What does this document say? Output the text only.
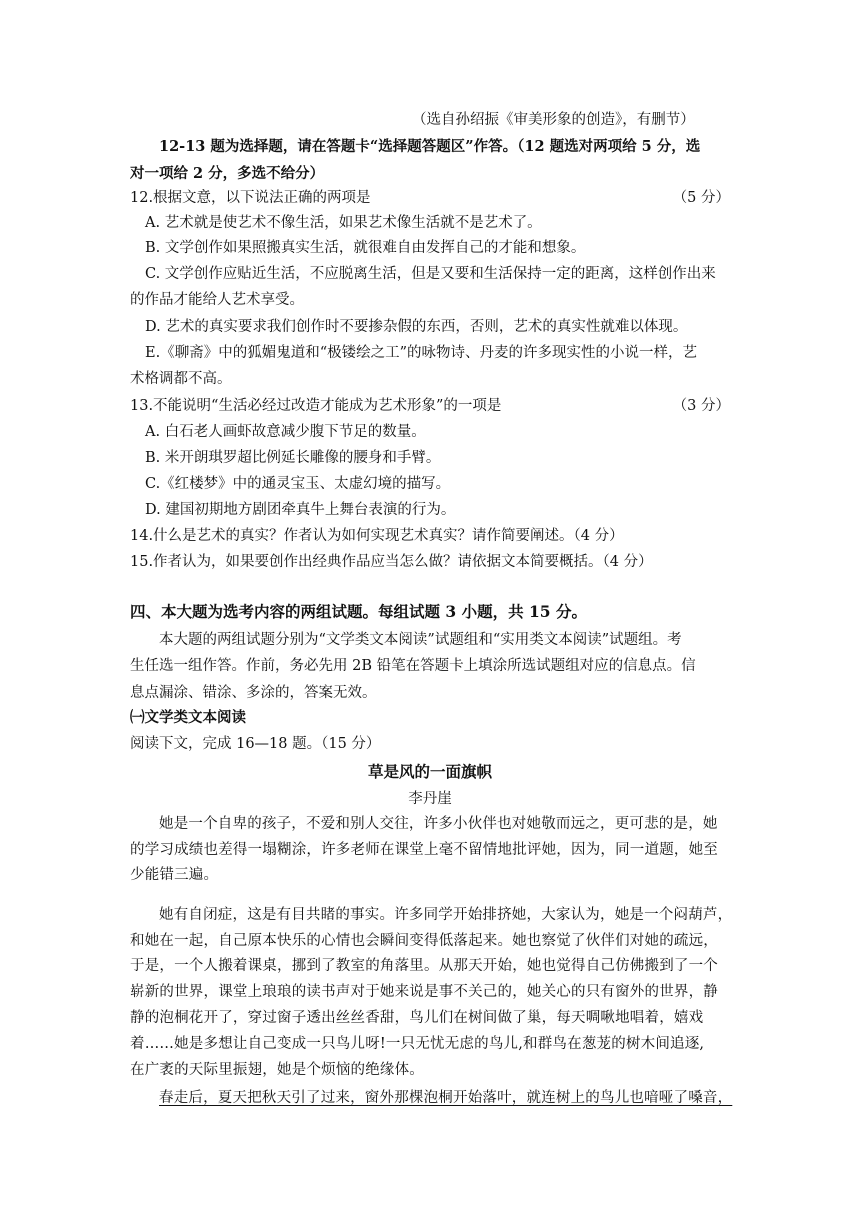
（选自孙绍振《审美形象的创造》，有删节）
12-13 题为选择题，请在答题卡“选择题答题区”作答。（12 题选对两项给 5 分，选
对一项给 2 分，多选不给分）
12.根据文意，以下说法正确的两项是	（5 分）
A. 艺术就是使艺术不像生活，如果艺术像生活就不是艺术了。
B. 文学创作如果照搬真实生活，就很难自由发挥自己的才能和想象。
C. 文学创作应贴近生活，不应脱离生活，但是又要和生活保持一定的距离，这样创作出来
的作品才能给人艺术享受。
D. 艺术的真实要求我们创作时不要掺杂假的东西，否则，艺术的真实性就难以体现。
E.《聊斋》中的狐媚鬼道和“极镂绘之工”的咏物诗、丹麦的许多现实性的小说一样，艺
术格调都不高。
13.不能说明“生活必经过改造才能成为艺术形象”的一项是	（3 分）
A. 白石老人画虾故意减少腹下节足的数量。
B. 米开朗琪罗超比例延长雕像的腰身和手臂。
C.《红楼梦》中的通灵宝玉、太虚幻境的描写。
D. 建国初期地方剧团牵真牛上舞台表演的行为。
14.什么是艺术的真实？作者认为如何实现艺术真实？请作简要阐述。（4 分）
15.作者认为，如果要创作出经典作品应当怎么做？请依据文本简要概括。（4 分）
四、本大题为选考内容的两组试题。每组试题 3 小题，共 15 分。
本大题的两组试题分别为“文学类文本阅读”试题组和“实用类文本阅读”试题组。考
生任选一组作答。作前，务必先用 2B 铅笔在答题卡上填涂所选试题组对应的信息点。信
息点漏涂、错涂、多涂的，答案无效。
㈠文学类文本阅读
阅读下文，完成 16—18 题。（15 分）
草是风的一面旗帜
李丹崖
她是一个自卑的孩子，不爱和别人交往，许多小伙伴也对她敬而远之，更可悲的是，她
的学习成绩也差得一塌糊涂，许多老师在课堂上毫不留情地批评她，因为，同一道题，她至
少能错三遍。
她有自闭症，这是有目共睹的事实。许多同学开始排挤她，大家认为，她是一个闷葫芦，
和她在一起，自己原本快乐的心情也会瞬间变得低落起来。她也察觉了伙伴们对她的疏远，
于是，一个人搬着课桌，挪到了教室的角落里。从那天开始，她也觉得自己仿佛搬到了一个
崭新的世界，课堂上琅琅的读书声对于她来说是事不关己的，她关心的只有窗外的世界，静
静的泡桐花开了，穿过窗子透出丝丝香甜，鸟儿们在树间做了巢，每天啁啾地唱着，嬉戏
着……她是多想让自己变成一只鸟儿呀!一只无忧无虑的鸟儿,和群鸟在葱茏的树木间追逐,
在广袤的天际里振翅，她是个烦恼的绝缘体。
春走后，夏天把秋天引了过来，窗外那棵泡桐开始落叶，就连树上的鸟儿也喑哑了嗓音，
